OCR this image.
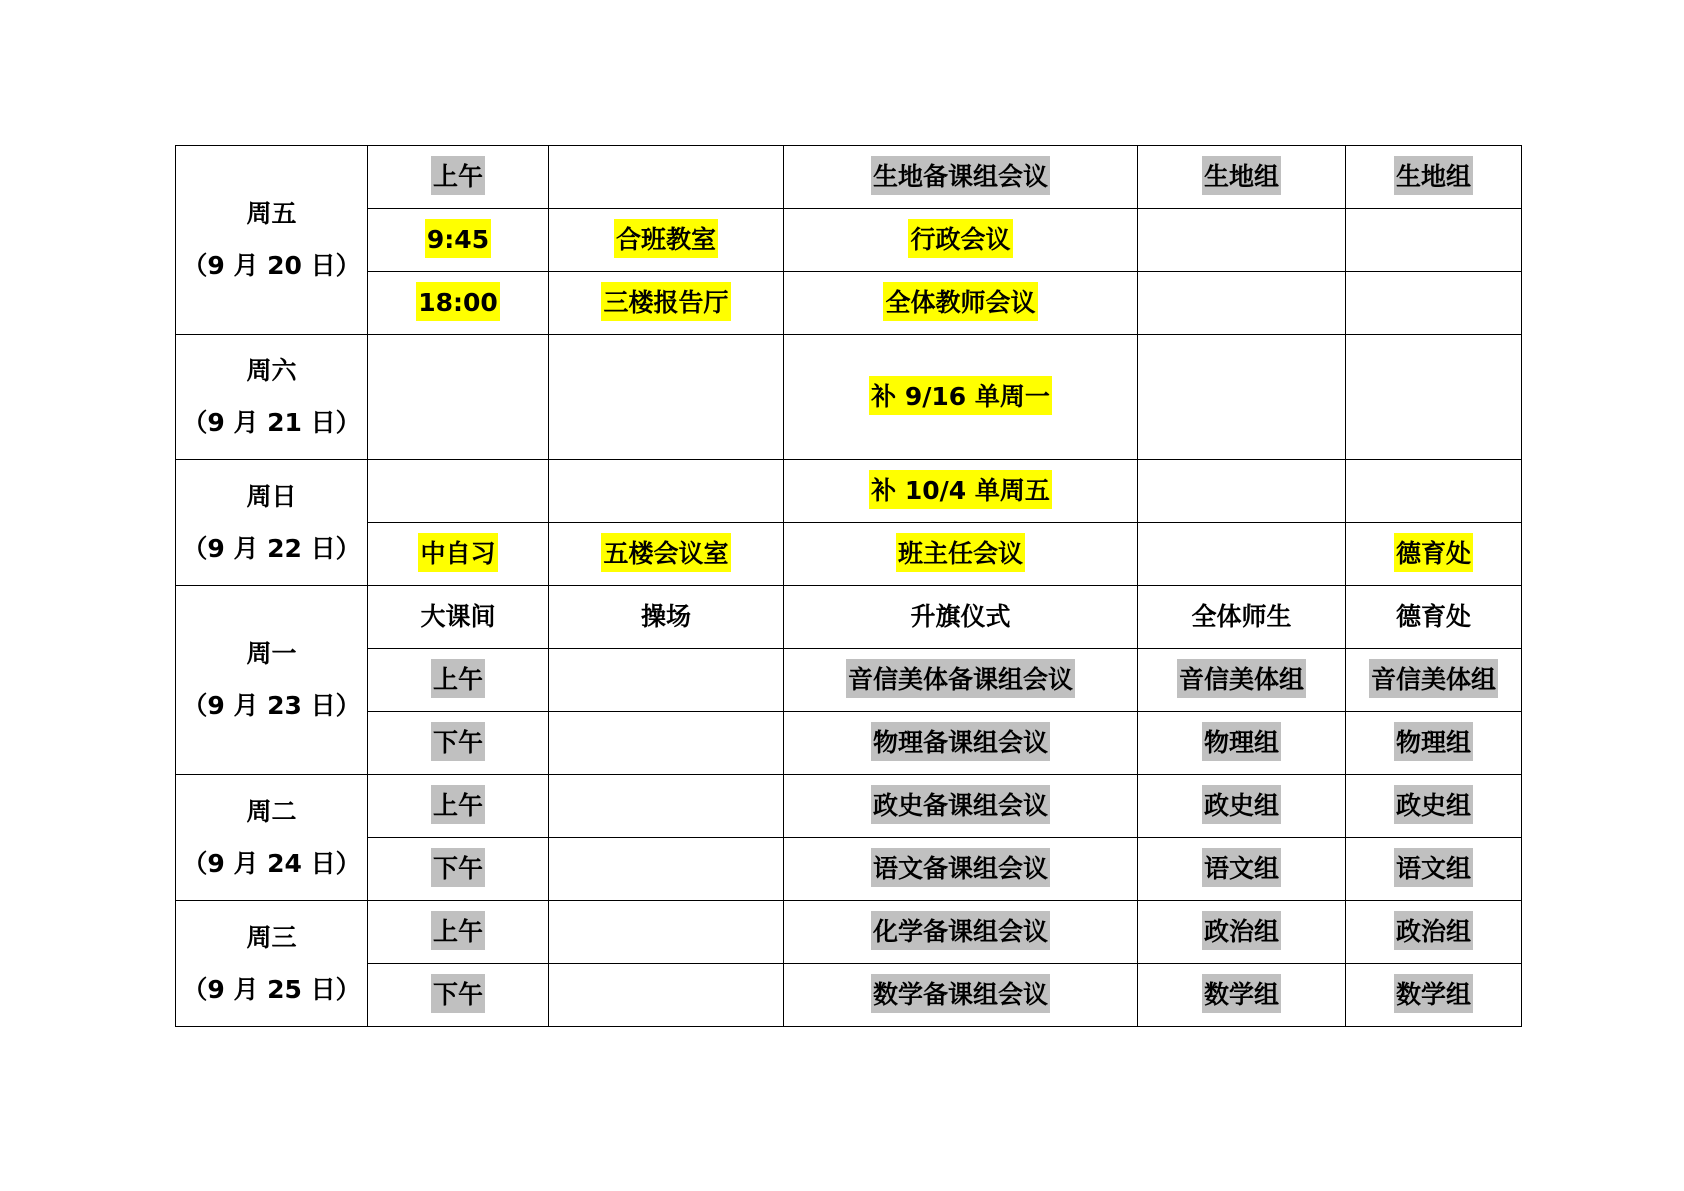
周五
（9 月 20 日）	上午		生地备课组会议	生地组	生地组
	9:45	合班教室	行政会议		
	18:00	三楼报告厅	全体教师会议		

周六
（9 月 21 日）			补 9/16 单周一		

周日
（9 月 22 日）			补 10/4 单周五		
	中自习	五楼会议室	班主任会议		德育处

周一
（9 月 23 日）	大课间	操场	升旗仪式	全体师生	德育处
	上午		音信美体备课组会议	音信美体组	音信美体组
	下午		物理备课组会议	物理组	物理组

周二
（9 月 24 日）	上午		政史备课组会议	政史组	政史组
	下午		语文备课组会议	语文组	语文组

周三
（9 月 25 日）	上午		化学备课组会议	政治组	政治组
	下午		数学备课组会议	数学组	数学组
